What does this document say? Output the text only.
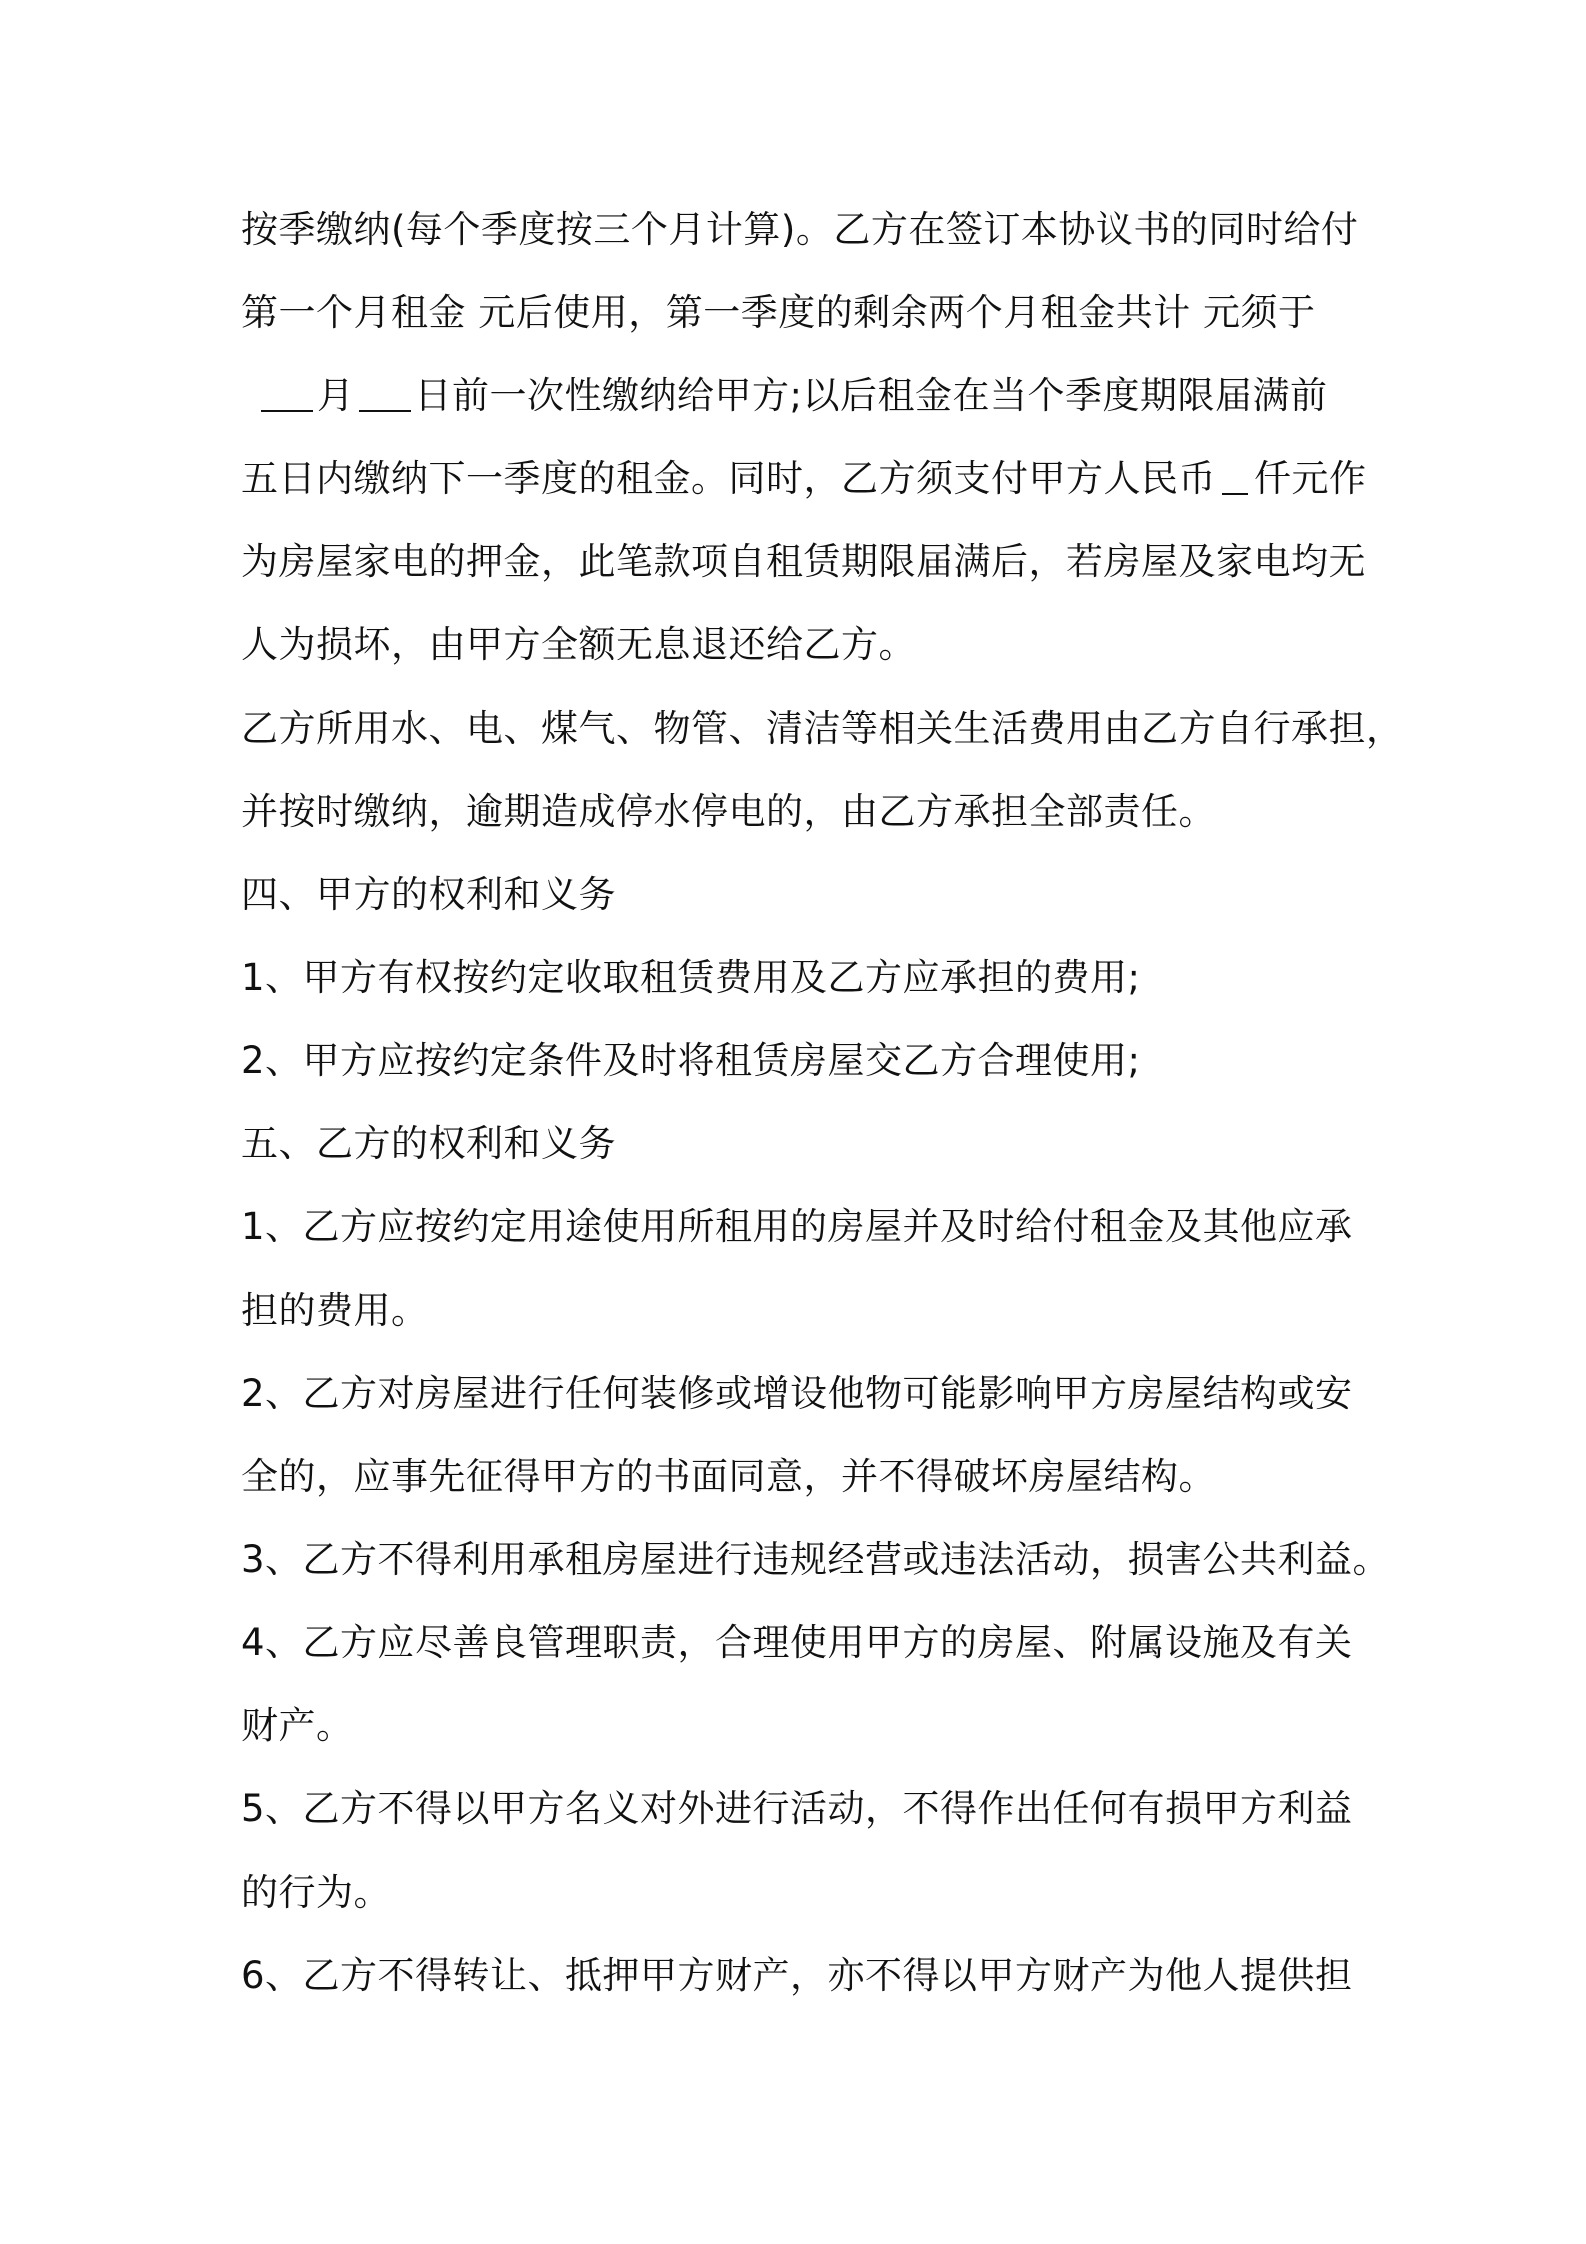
按季缴纳(每个季度按三个月计算)。乙方在签订本协议书的同时给付
第一个月租金 元后使用，第一季度的剩余两个月租金共计 元须于
月 日前一次性缴纳给甲方;以后租金在当个季度期限届满前
五日内缴纳下一季度的租金。同时，乙方须支付甲方人民币 仟元作
为房屋家电的押金，此笔款项自租赁期限届满后，若房屋及家电均无
人为损坏，由甲方全额无息退还给乙方。
乙方所用水、电、煤气、物管、清洁等相关生活费用由乙方自行承担，
并按时缴纳，逾期造成停水停电的，由乙方承担全部责任。
四、甲方的权利和义务
1、甲方有权按约定收取租赁费用及乙方应承担的费用;
2、甲方应按约定条件及时将租赁房屋交乙方合理使用;
五、乙方的权利和义务
1、乙方应按约定用途使用所租用的房屋并及时给付租金及其他应承
担的费用。
2、乙方对房屋进行任何装修或增设他物可能影响甲方房屋结构或安
全的，应事先征得甲方的书面同意，并不得破坏房屋结构。
3、乙方不得利用承租房屋进行违规经营或违法活动，损害公共利益。
4、乙方应尽善良管理职责，合理使用甲方的房屋、附属设施及有关
财产。
5、乙方不得以甲方名义对外进行活动，不得作出任何有损甲方利益
的行为。
6、乙方不得转让、抵押甲方财产，亦不得以甲方财产为他人提供担
